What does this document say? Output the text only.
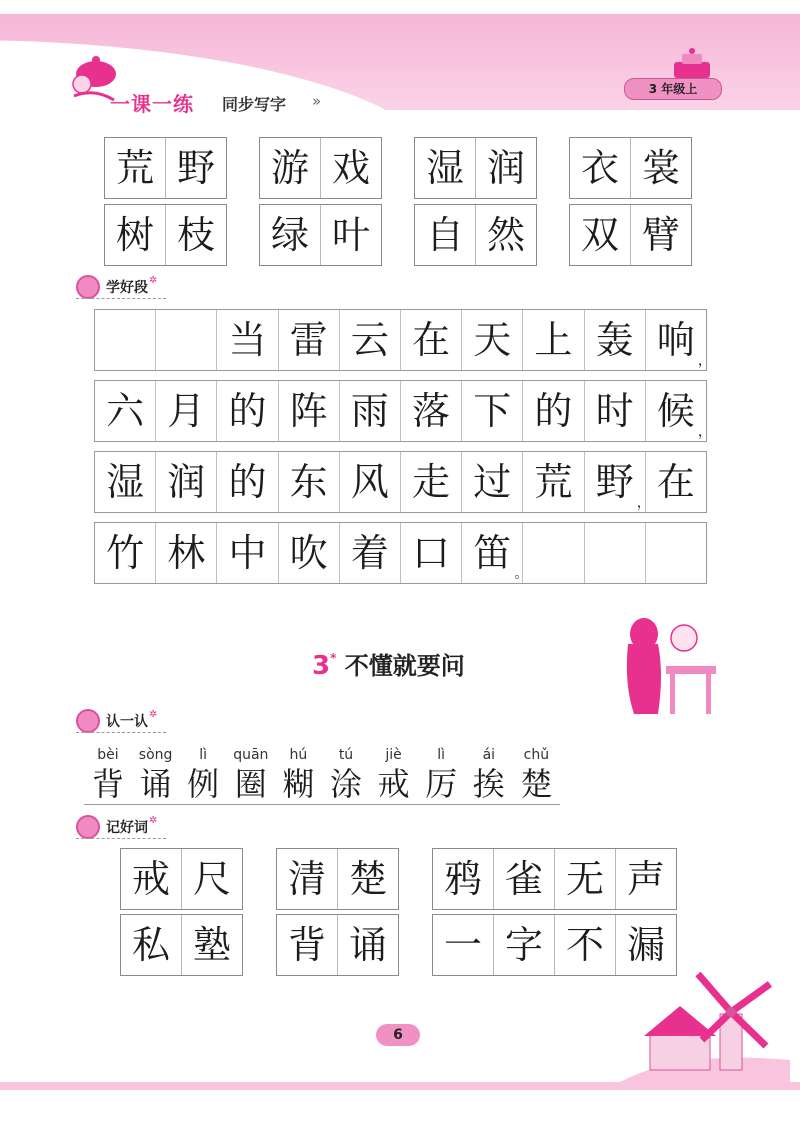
一课一练 同步写字 »
3 年级上
荒 野 游 戏 湿 润 衣 裳
树 枝 绿 叶 自 然 双 臂
学好段 ✲
当 雷 云 在 天 上 轰 响 ，
六 月 的 阵 雨 落 下 的 时 候 ，
湿 润 的 东 风 走 过 荒 野 ， 在
竹 林 中 吹 着 口 笛 。
3* 不懂就要问
认一认 ✲
bèi
背
sòng
诵
lì
例
quān
圈
hú
糊
tú
涂
jiè
戒
lì
厉
ái
挨
chǔ
楚
记好词 ✲
戒 尺 清 楚 鸦 雀 无 声
私 塾 背 诵 一 字 不 漏
6
